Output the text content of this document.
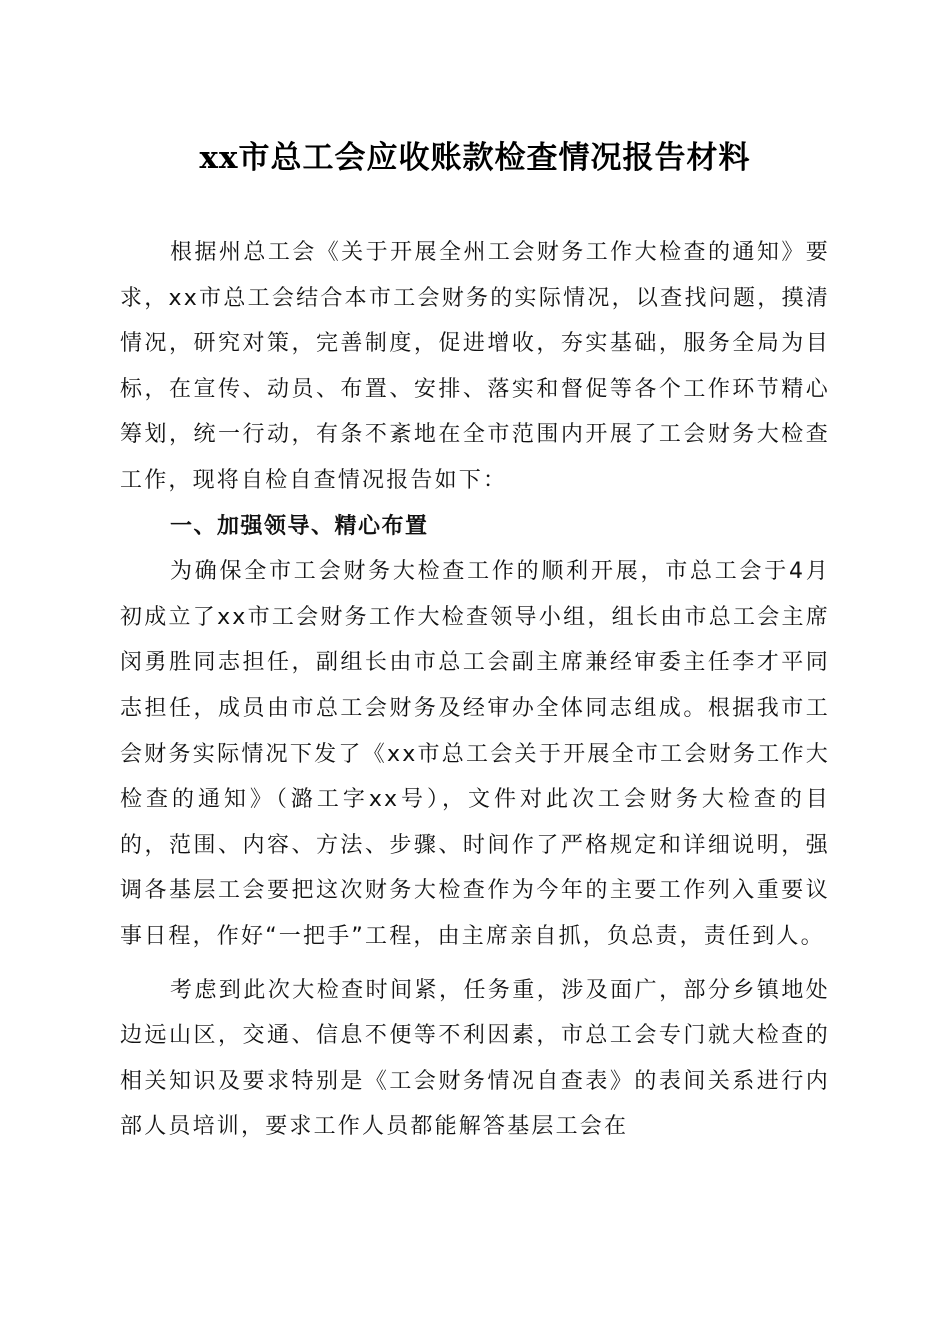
xx市总工会应收账款检查情况报告材料

根据州总工会《关于开展全州工会财务工作大检查的通知》要求，xx市总工会结合本市工会财务的实际情况，以查找问题，摸清情况，研究对策，完善制度，促进增收，夯实基础，服务全局为目标，在宣传、动员、布置、安排、落实和督促等各个工作环节精心筹划，统一行动，有条不紊地在全市范围内开展了工会财务大检查工作，现将自检自查情况报告如下：

一、加强领导、精心布置

为确保全市工会财务大检查工作的顺利开展，市总工会于4月初成立了xx市工会财务工作大检查领导小组，组长由市总工会主席闵勇胜同志担任，副组长由市总工会副主席兼经审委主任李才平同志担任，成员由市总工会财务及经审办全体同志组成。根据我市工会财务实际情况下发了《xx市总工会关于开展全市工会财务工作大检查的通知》（潞工字xx号），文件对此次工会财务大检查的目的，范围、内容、方法、步骤、时间作了严格规定和详细说明，强调各基层工会要把这次财务大检查作为今年的主要工作列入重要议事日程，作好“一把手”工程，由主席亲自抓，负总责，责任到人。

考虑到此次大检查时间紧，任务重，涉及面广，部分乡镇地处边远山区，交通、信息不便等不利因素，市总工会专门就大检查的相关知识及要求特别是《工会财务情况自查表》的表间关系进行内部人员培训，要求工作人员都能解答基层工会在
